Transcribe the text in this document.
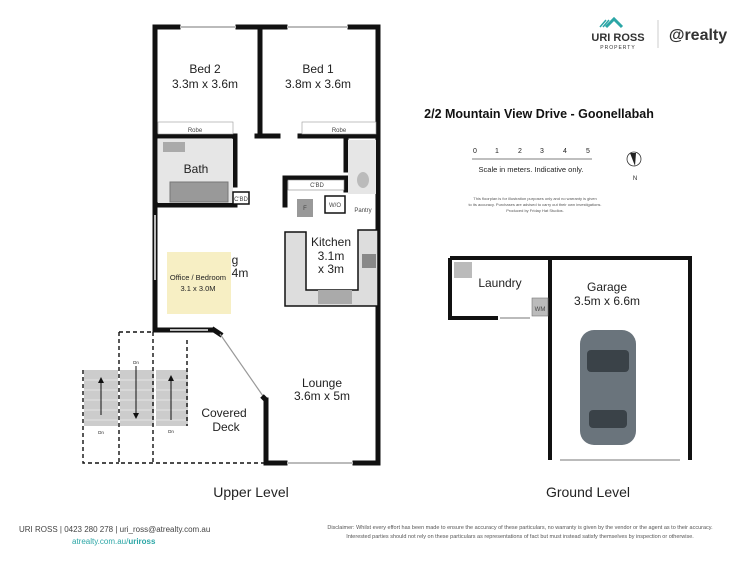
URI ROSS
PROPERTY
@realty
2/2 Mountain View Drive - Goonellabah
0	1	2	3	4	5
Scale in meters. Indicative only.
N
This floorplan is for illustration purposes only and no warranty is given
to its accuracy. Purchases are advised to carry out their own investigations.
Produced by Friday Hat Studios.
Bed 2
3.3m x 3.6m
Bed 1
3.8m x 3.6m
Robe	Robe
Bath
C'BD
C'BD
F	W/O
Pantry
Kitchen
3.1m
x 3m
g
4m
Office / Bedroom
3.1 x 3.0M
Lounge
3.6m x 5m
Covered
Deck
Dn
Dn
Dn
Laundry
WM
Garage
3.5m x 6.6m
Upper Level	Ground Level
URI ROSS | 0423 280 278 | uri_ross@atrealty.com.au
atrealty.com.au/uriross
Disclaimer: Whilst every effort has been made to ensure the accuracy of these particulars, no warranty is given by the vendor or the agent as to their accuracy.
Interested parties should not rely on these particulars as representations of fact but must instead satisfy themselves by inspection or otherwise.
